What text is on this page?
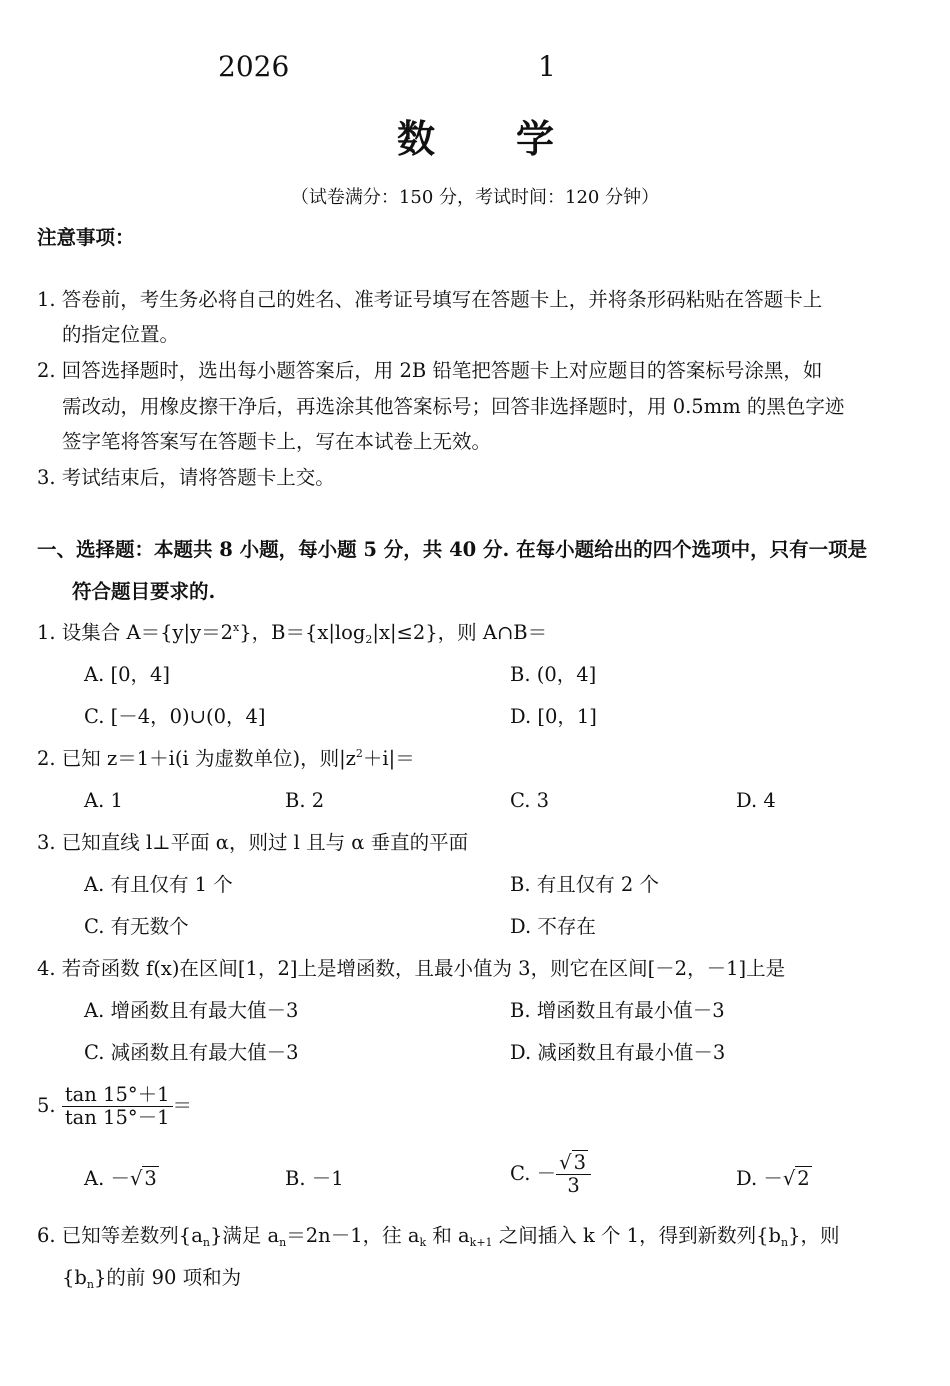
2026	1
数 学
（试卷满分：150 分，考试时间：120 分钟）
注意事项：
1. 答卷前，考生务必将自己的姓名、准考证号填写在答题卡上，并将条形码粘贴在答题卡上
的指定位置。
2. 回答选择题时，选出每小题答案后，用 2B 铅笔把答题卡上对应题目的答案标号涂黑，如
需改动，用橡皮擦干净后，再选涂其他答案标号；回答非选择题时，用 0.5mm 的黑色字迹
签字笔将答案写在答题卡上，写在本试卷上无效。
3. 考试结束后，请将答题卡上交。
一、选择题：本题共 8 小题，每小题 5 分，共 40 分. 在每小题给出的四个选项中，只有一项是
符合题目要求的.
1. 设集合 $A=\{y|y=2^x\}$，$B=\{x|\log_2|x|\le 2\}$，则 A∩B＝
A. [0，4]	B. (0，4]
C. [－4，0)∪(0，4]	D. [0，1]
2. 已知 z＝1＋i(i 为虚数单位)，则$|z^2+i|=$
A. 1	B. 2	C. 3	D. 4
3. 已知直线 l⊥平面 α，则过 l 且与 α 垂直的平面
A. 有且仅有 1 个	B. 有且仅有 2 个
C. 有无数个	D. 不存在
4. 若奇函数 f(x)在区间[1，2]上是增函数，且最小值为 3，则它在区间[－2，－1]上是
A. 增函数且有最大值－3	B. 增函数且有最小值－3
C. 减函数且有最大值－3	D. 减函数且有最小值－3
5. $\frac{\tan 15^\circ+1}{\tan 15^\circ-1}$ ＝
A. －√ 3	B. －1	C. － $\frac{√ 3}{3}$	D. －√ 2
6. 已知等差数列$\{a_n\}$满足 $a_n=2n-1$，往 $a_k$ 和 $a_{k+1}$ 之间插入 k 个 1，得到新数列$\{b_n\}$，则
$\{b_n\}$的前 90 项和为
